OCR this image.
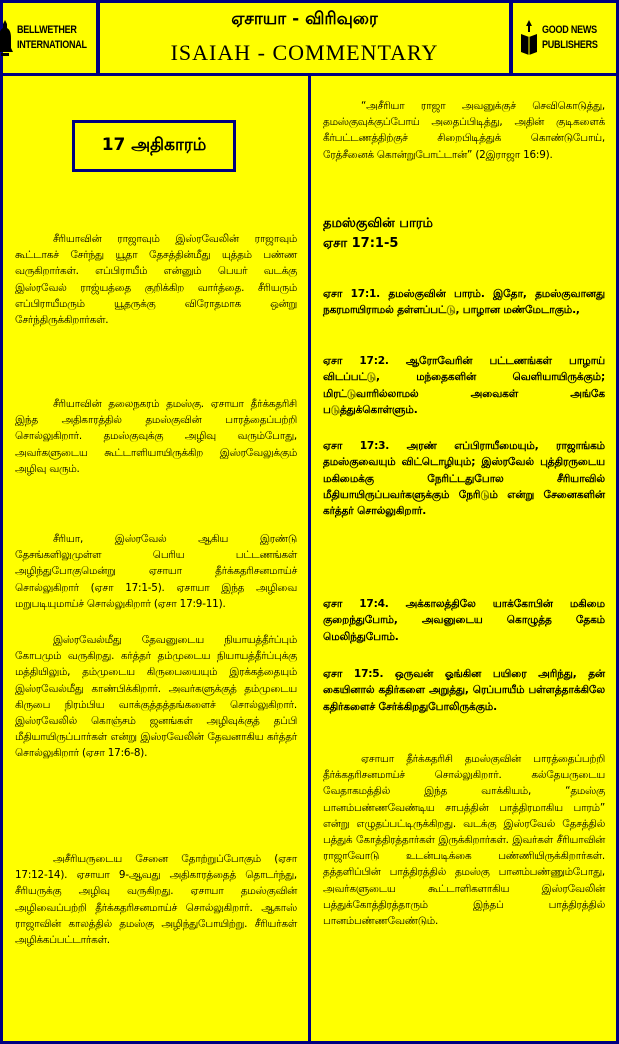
BELLWETHER
INTERNATIONAL
ஏசாயா - விரிவுரை
ISAIAH - COMMENTARY
GOOD NEWS
PUBLISHERS
17 அதிகாரம்

சீரியாவின் ராஜாவும் இஸ்ரவேலின் ராஜாவும் கூட்டாகச் சேர்ந்து யூதா தேசத்தின்மீது யுத்தம் பண்ண வருகிறார்கள். எப்பிராயீம் என்னும் பெயர் வடக்கு இஸ்ரவேல் ராஜ்யத்தை குறிக்கிற வார்த்தை. சீரியரும் எப்பிராயீமரும் யூதருக்கு விரோதமாக ஒன்று சேர்ந்திருக்கிறார்கள்.

சீரியாவின் தலைநகரம் தமஸ்கு. ஏசாயா தீர்க்கதரிசி இந்த அதிகாரத்தில் தமஸ்குவின் பாரத்தைப்பற்றி சொல்லுகிறார். தமஸ்குவுக்கு அழிவு வரும்போது, அவர்களுடைய கூட்டாளியாயிருக்கிற இஸ்ரவேலுக்கும் அழிவு வரும்.

சீரியா, இஸ்ரவேல் ஆகிய இரண்டு தேசங்களிலுமுள்ள பெரிய பட்டணங்கள் அழிந்துபோகுமென்று ஏசாயா தீர்க்கதரிசனமாய்ச் சொல்லுகிறார் (ஏசா 17:1-5). ஏசாயா இந்த அழிவை மறுபடியுமாய்ச் சொல்லுகிறார் (ஏசா 17:9-11).

இஸ்ரவேல்மீது தேவனுடைய நியாயத்தீர்ப்பும் கோபமும் வருகிறது. கர்த்தர் தம்முடைய நியாயத்தீர்ப்புக்கு மத்தியிலும், தம்முடைய கிருபையையும் இரக்கத்தையும் இஸ்ரவேல்மீது காண்பிக்கிறார். அவர்களுக்குத் தம்முடைய கிருபை நிரம்பிய வாக்குத்தத்தங்களைச் சொல்லுகிறார். இஸ்ரவேலில் கொஞ்சம் ஜனங்கள் அழிவுக்குத் தப்பி மீதியாயிருப்பார்கள் என்று இஸ்ரவேலின் தேவனாகிய கர்த்தர் சொல்லுகிறார் (ஏசா 17:6-8).

அசீரியருடைய சேனை தோற்றுப்போகும் (ஏசா 17:12-14). ஏசாயா 9-ஆவது அதிகாரத்தைத் தொடர்ந்து, சீரியருக்கு அழிவு வருகிறது. ஏசாயா தமஸ்குவின் அழிவைப்பற்றி தீர்க்கதரிசனமாய்ச் சொல்லுகிறார். ஆகாஸ் ராஜாவின் காலத்தில் தமஸ்கு அழிந்துபோயிற்று. சீரியர்கள் அழிக்கப்பட்டார்கள்.

“அசீரியா ராஜா அவனுக்குச் செவிகொடுத்து, தமஸ்குவுக்குப்போய் அதைப்பிடித்து, அதின் குடிகளைக் கீர்பட்டணத்திற்குச் சிறைபிடித்துக் கொண்டுபோய், ரேத்சீனைக் கொன்றுபோட்டான்” (2இராஜா 16:9).

தமஸ்குவின் பாரம்
ஏசா 17:1-5

ஏசா 17:1. தமஸ்குவின் பாரம். இதோ, தமஸ்குவானது நகரமாயிராமல் தள்ளப்பட்டு, பாழான மண்மேடாகும்.,

ஏசா 17:2. ஆரோவேரின் பட்டணங்கள் பாழாய் விடப்பட்டு, மந்தைகளின் வெளியாயிருக்கும்; மிரட்டுவாரில்லாமல் அவைகள் அங்கே படுத்துக்கொள்ளும்.

ஏசா 17:3. அரண் எப்பிராயீமையும், ராஜாங்கம் தமஸ்குவையும் விட்டொழியும்; இஸ்ரவேல் புத்திரருடைய மகிமைக்கு நேரிட்டதுபோல சீரியாவில் மீதியாயிருப்பவர்களுக்கும் நேரிடும் என்று சேனைகளின் கர்த்தர் சொல்லுகிறார்.

ஏசா 17:4. அக்காலத்திலே யாக்கோபின் மகிமை குறைந்துபோம், அவனுடைய கொழுத்த தேகம் மெலிந்துபோம்.

ஏசா 17:5. ஒருவன் ஓங்கின பயிரை அரிந்து, தன் கையினால் கதிர்களை அறுத்து, ரெப்பாயீம் பள்ளத்தாக்கிலே கதிர்களைச் சேர்க்கிறதுபோலிருக்கும்.

ஏசாயா தீர்க்கதரிசி தமஸ்குவின் பாரத்தைப்பற்றி தீர்க்கதரிசனமாய்ச் சொல்லுகிறார். கல்தேயருடைய வேதாகமத்தில் இந்த வாக்கியம், “தமஸ்கு பானம்பண்ணவேண்டிய சாபத்தின் பாத்திரமாகிய பாரம்” என்று எழுதப்பட்டிருக்கிறது. வடக்கு இஸ்ரவேல் தேசத்தில் பத்துக் கோத்திரத்தார்கள் இருக்கிறார்கள். இவர்கள் சீரியாவின் ராஜாவோடு உடன்படிக்கை பண்ணியிருக்கிறார்கள். தத்தளிப்பின் பாத்திரத்தில் தமஸ்கு பானம்பண்ணும்போது, அவர்களுடைய கூட்டாளிகளாகிய இஸ்ரவேலின் பத்துக்கோத்திரத்தாரும் இந்தப் பாத்திரத்தில் பானம்பண்ணவேண்டும்.
